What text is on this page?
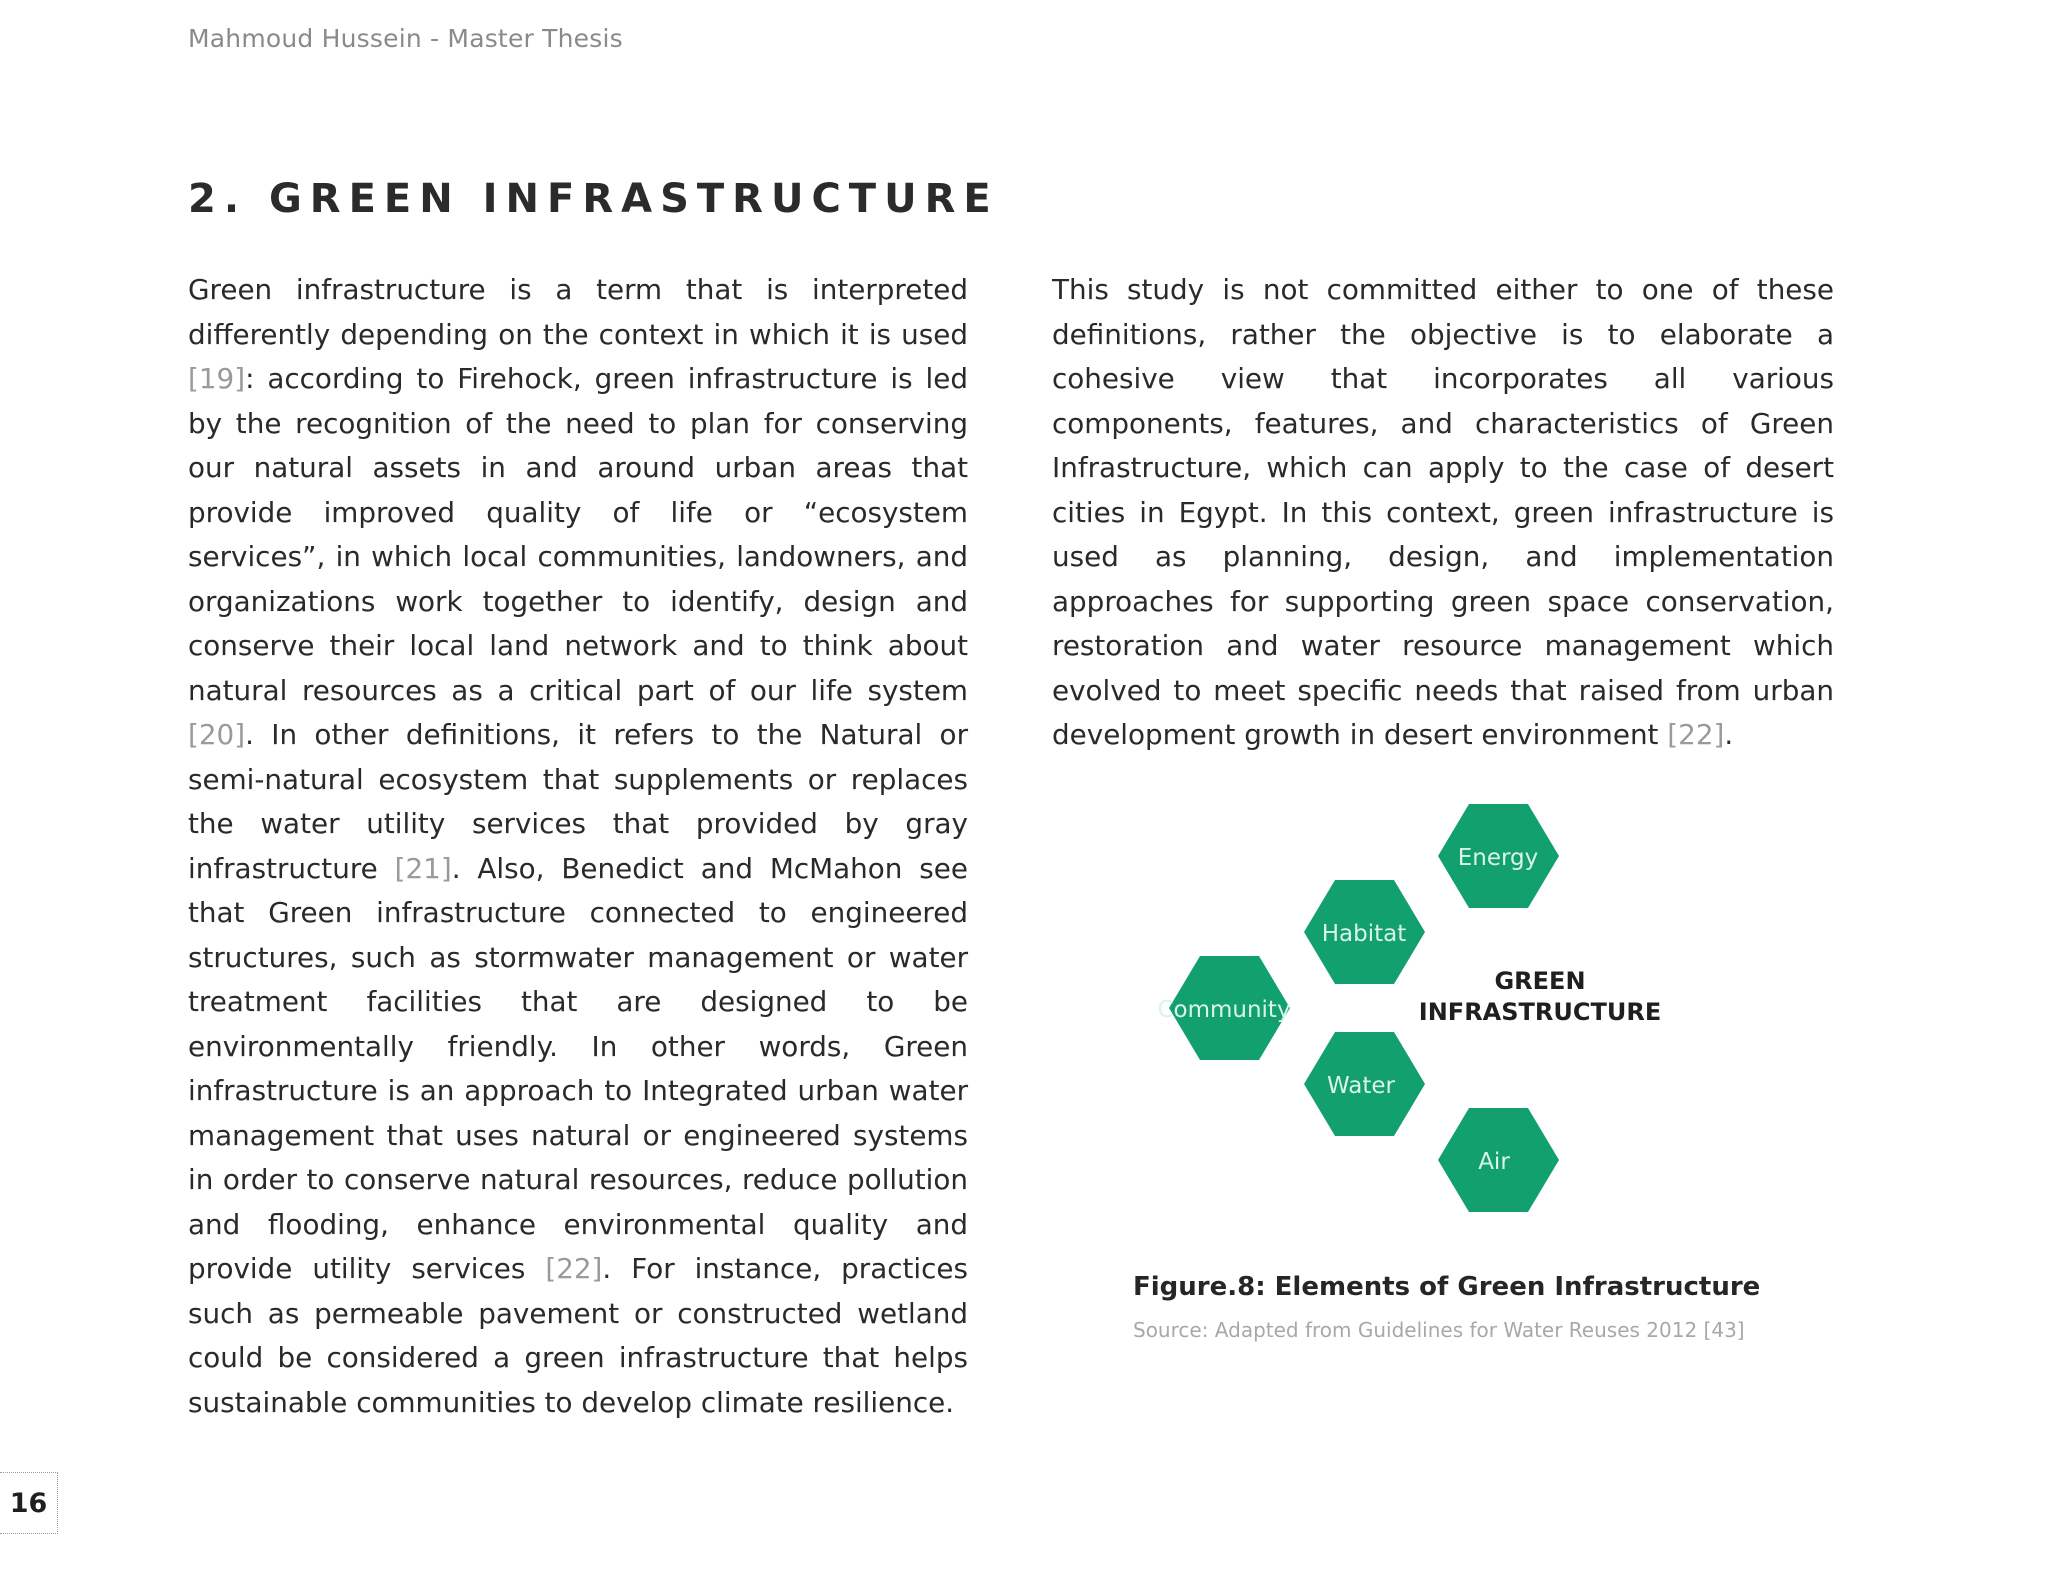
Mahmoud Hussein - Master Thesis
2. GREEN INFRASTRUCTURE

Green infrastructure is a term that is interpreted differently depending on the context in which it is used [19]: according to Firehock, green infrastructure is led by the recognition of the need to plan for conserving our natural assets in and around urban areas that provide improved quality of life or “ecosystem services”, in which local communities, landowners, and organizations work together to identify, design and conserve their local land network and to think about natural resources as a critical part of our life system [20]. In other definitions, it refers to the Natural or semi-natural ecosystem that supplements or replaces the water utility services that provided by gray infrastructure [21]. Also, Benedict and McMahon see that Green infrastructure connected to engineered structures, such as stormwater management or water treatment facilities that are designed to be environmentally friendly. In other words, Green infrastructure is an approach to Integrated urban water management that uses natural or engineered systems in order to conserve natural resources, reduce pollution and flooding, enhance environmental quality and provide utility services [22]. For instance, practices such as permeable pavement or constructed wetland could be considered a green infrastructure that helps sustainable communities to develop climate resilience.

This study is not committed either to one of these definitions, rather the objective is to elaborate a cohesive view that incorporates all various components, features, and characteristics of Green Infrastructure, which can apply to the case of desert cities in Egypt. In this context, green infrastructure is used as planning, design, and implementation approaches for supporting green space conservation, restoration and water resource management which evolved to meet specific needs that raised from urban development growth in desert environment [22].

Energy
Habitat
Community
Water
Air
GREEN
INFRASTRUCTURE
Figure.8: Elements of Green Infrastructure
Source: Adapted from Guidelines for Water Reuses 2012 [43]
16
